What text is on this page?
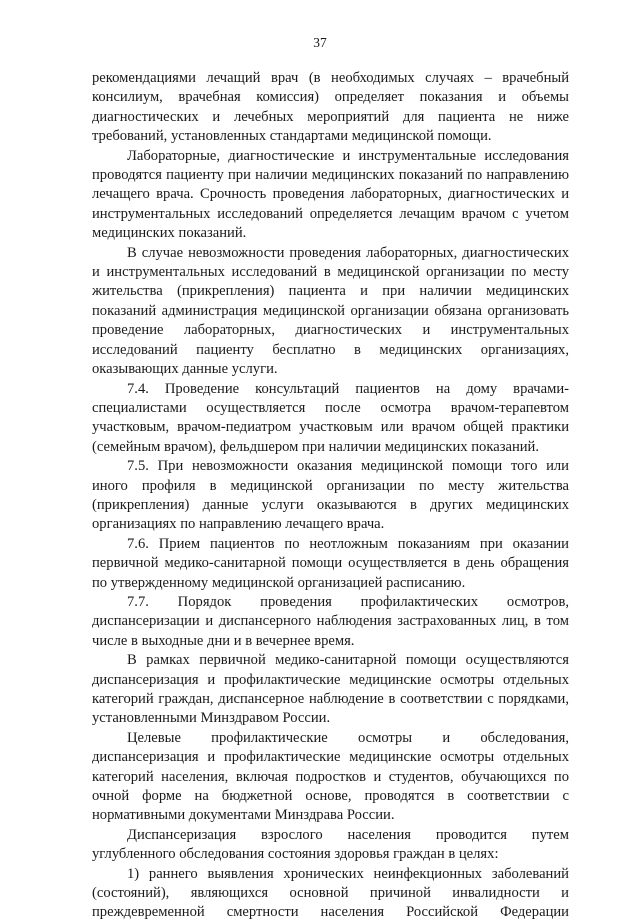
37

рекомендациями лечащий врач (в необходимых случаях – врачебный консилиум, врачебная комиссия) определяет показания и объемы диагностических и лечебных мероприятий для пациента не ниже требований, установленных стандартами медицинской помощи.

Лабораторные, диагностические и инструментальные исследования проводятся пациенту при наличии медицинских показаний по направлению лечащего врача. Срочность проведения лабораторных, диагностических и инструментальных исследований определяется лечащим врачом с учетом медицинских показаний.

В случае невозможности проведения лабораторных, диагностических и инструментальных исследований в медицинской организации по месту жительства (прикрепления) пациента и при наличии медицинских показаний администрация медицинской организации обязана организовать проведение лабораторных, диагностических и инструментальных исследований пациенту бесплатно в медицинских организациях, оказывающих данные услуги.

7.4. Проведение консультаций пациентов на дому врачами-специалистами осуществляется после осмотра врачом-терапевтом участковым, врачом-педиатром участковым или врачом общей практики (семейным врачом), фельдшером при наличии медицинских показаний.

7.5. При невозможности оказания медицинской помощи того или иного профиля в медицинской организации по месту жительства (прикрепления) данные услуги оказываются в других медицинских организациях по направлению лечащего врача.

7.6. Прием пациентов по неотложным показаниям при оказании первичной медико-санитарной помощи осуществляется в день обращения по утвержденному медицинской организацией расписанию.

7.7. Порядок проведения профилактических осмотров, диспансеризации и диспансерного наблюдения застрахованных лиц, в том числе в выходные дни и в вечернее время.

В рамках первичной медико-санитарной помощи осуществляются диспансеризация и профилактические медицинские осмотры отдельных категорий граждан, диспансерное наблюдение в соответствии с порядками, установленными Минздравом России.

Целевые профилактические осмотры и обследования, диспансеризация и профилактические медицинские осмотры отдельных категорий населения, включая подростков и студентов, обучающихся по очной форме на бюджетной основе, проводятся в соответствии с нормативными документами Минздрава России.

Диспансеризация взрослого населения проводится путем углубленного обследования состояния здоровья граждан в целях:

1) раннего выявления хронических неинфекционных заболеваний (состояний), являющихся основной причиной инвалидности и преждевременной смертности населения Российской Федерации
